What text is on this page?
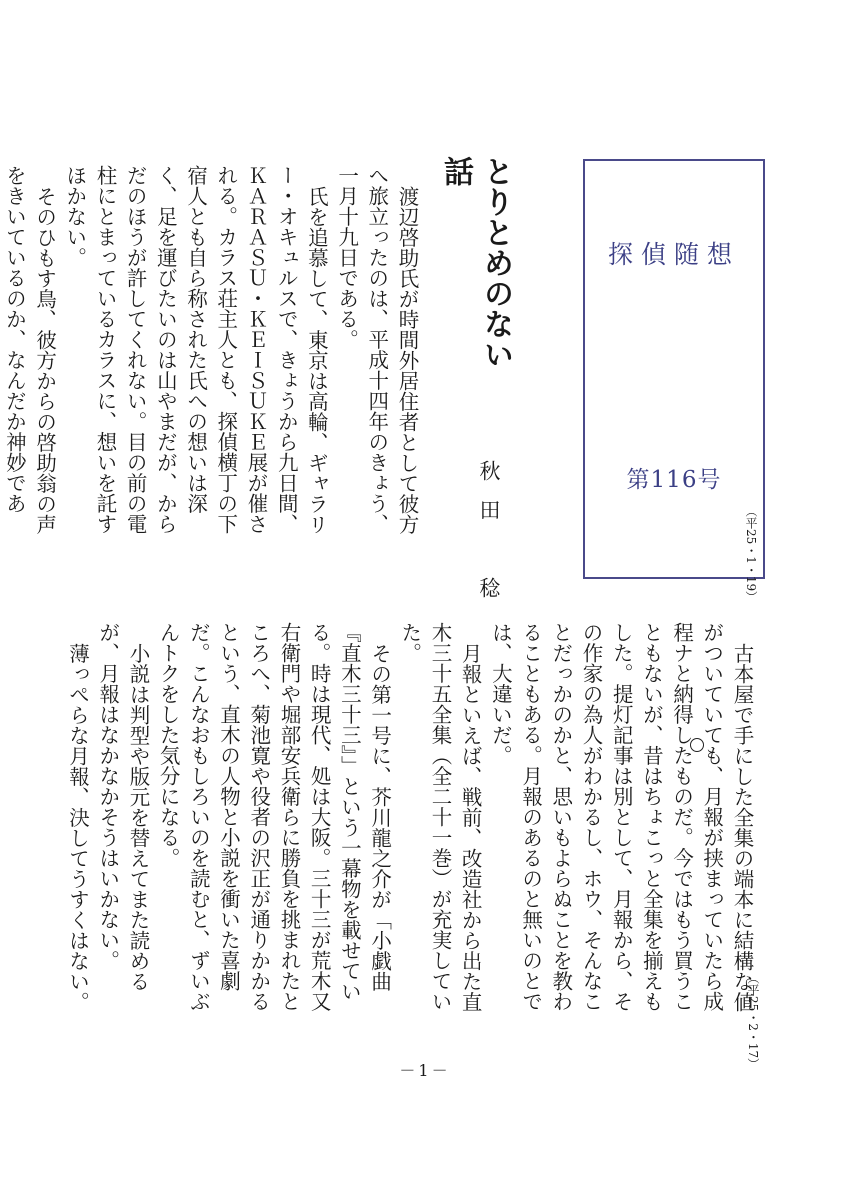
探偵随想
第116号
とりとめのない話
秋田　稔

渡辺啓助氏が時間外居住者として彼方へ旅立ったのは、平成十四年のきょう、一月十九日である。

氏を追慕して、東京は高輪、ギャラリー・オキュルスで、きょうから九日間、ＫＡＲＡＳＵ・ＫＥＩＳＵＫＥ展が催される。カラス荘主人とも、探偵横丁の下宿人とも自ら称された氏への想いは深く、足を運びたいのは山やまだが、からだのほうが許してくれない。目の前の電柱にとまっているカラスに、想いを託すほかない。

そのひもす鳥、彼方からの啓助翁の声をきいているのか、なんだか神妙であ

（平25・1・19）

古本屋で手にした全集の端本に結構な値がついていても、月報が挟まっていたら成程ナと納得したものだ。今ではもう買うこともないが、昔はちょこっと全集を揃えもした。提灯記事は別として、月報から、その作家の為人がわかるし、ホウ、そんなことだっかのかと、思いもよらぬことを教わることもある。月報のあるのと無いのとでは、大違いだ。

月報といえば、戦前、改造社から出た直木三十五全集（全二十一巻）が充実していた。

その第一号に、芥川龍之介が「小戯曲『直木三十三』」という一幕物を載せている。時は現代、処は大阪。三十三が荒木又右衛門や堀部安兵衛らに勝負を挑まれたところへ、菊池寛や役者の沢正が通りかかるという、直木の人物と小説を衝いた喜劇だ。こんなおもしろいのを読むと、ずいぶんトクをした気分になる。

小説は判型や版元を替えてまた読めるが、月報はなかなかそうはいかない。

薄っぺらな月報、決してうすくはない。

（平25・2・17）
－1－
